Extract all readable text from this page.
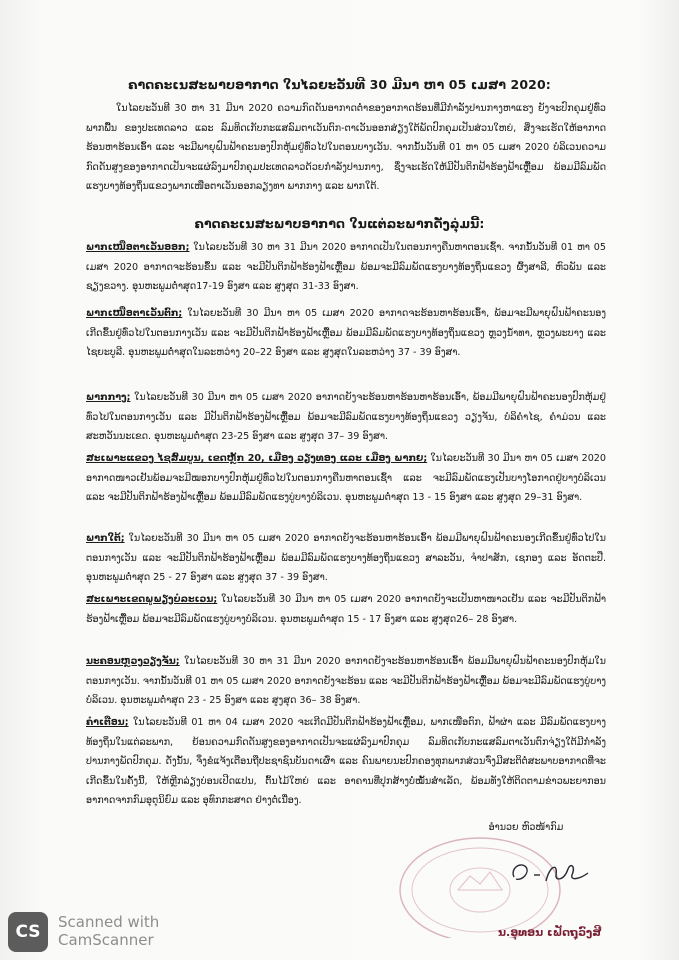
ຄາດຄະເນສະພາບອາກາດ ໃນໄລຍະວັນທີ 30 ມີນາ ຫາ 05 ເມສາ 2020:
ໃນໄລຍະວັນທີ 30 ຫາ 31 ມີນາ 2020 ຄວາມກົດດັນອາກາດຕ່ຳຂອງອາກາດຮ້ອນທີ່ມີກຳລັງປານກາງຫາແຮງ ຍັງຈະປົກຄຸມຢູ່ທົ່ວພາກພື້ນ ຂອງປະເທດລາວ ແລະ ລົມທິດເກັບກະແສລົມຕາເວັນຕົກ-ຕາເວັນອອກສ່ຽງໃຕ້ພັດປົກຄຸມເປັນສ່ວນໃຫຍ່, ສິ່ງຈະເຮັດໃຫ້ອາກາດຮ້ອນຫາຮ້ອນເອົ້າ ແລະ ຈະມີພາຍຸຝົນຟ້າຄະນອງປົກຫຸ້ມຢູ່ທົ່ວໄປໃນຕອນບາງເວັນ. ຈາກນັ້ນວັນທີ 01 ຫາ 05 ເມສາ 2020 ບໍລິເວນຄວາມກົດດັນສູງຂອງອາກາດເປັນຈະແຜ່ລົງມາປົກຄຸມປະເທດລາວດ້ວຍກຳລັງປານກາງ, ຊຶ່ງຈະເຮັດໃຫ້ມີປັນຕິກຟ້າຮ້ອງຟ້າເຫຼື້ອມ ພ້ອມມີລົມພັດແຮງບາງທ້ອງຖິ່ນແຂວງພາກເໜືອຕາເວັນອອກລຽງທາ ພາກກາງ ແລະ ພາກໃຕ້.
ຄາດຄະເນສະພາບອາກາດ ໃນແຕ່ລະພາກດັ່ງລຸ່ມນີ້:
ພາກເໜືອຕາເວັນອອກ; ໃນໄລຍະວັນທີ 30 ຫາ 31 ມີນາ 2020 ອາກາດເປັນໃນຕອນກາງຄືນຫາຕອນເຊົ້າ. ຈາກນັ້ນວັນທີ 01 ຫາ 05 ເມສາ 2020 ອາກາດຈະຮ້ອນຂຶ້ນ ແລະ ຈະມີປັນຕິກຟ້າຮ້ອງຟ້າເຫຼື້ອມ ພ້ອມຈະມີລົມພັດແຮງບາງທ້ອງຖິ່ນແຂວງ ຜົ້ງສາລີ, ຫົວພັນ ແລະ ຊຽງຂວາງ. ອຸນຫະພູມຕ່ຳສຸດ17-19 ອົງສາ ແລະ ສູງສຸດ 31-33 ອົງສາ.
ພາກເໜືອຕາເວັນຕົກ; ໃນໄລຍະວັນທີ 30 ມີນາ ຫາ 05 ເມສາ 2020 ອາກາດຈະຮ້ອນຫາຮ້ອນເອົ້າ, ພ້ອມຈະມີພາຍຸຝົນຟ້າຄະນອງເກີດຂຶ້ນຢູ່ທົ່ວໄປໃນຕອນກາງເວັນ ແລະ ຈະມີປັນຕິກຟ້າຮ້ອງຟ້າເຫຼື້ອມ ພ້ອມມີລົມພັດແຮງບາງທ້ອງຖິ່ນແຂວງ ຫຼວງນ້ຳທາ, ຫຼວງພະບາງ ແລະ ໄຊຍະບູລີ. ອຸນຫະພູມຕ່ຳສຸດໃນລະຫວ່າງ 20–22 ອົງສາ ແລະ ສູງສຸດໃນລະຫວ່າງ 37 - 39 ອົງສາ.
ພາກກາງ; ໃນໄລຍະວັນທີ 30 ມີນາ ຫາ 05 ເມສາ 2020 ອາກາດຍັງຈະຮ້ອນຫາຮ້ອນຫາຮ້ອນເອົ້າ, ພ້ອມມີພາຍຸຝົນຟ້າຄະນອງປົກຫຸ້ມຢູ່ທົ່ວໄປໃນຕອນກາງເວັນ ແລະ ມີປັນຕິກຟ້າຮ້ອງຟ້າເຫຼື້ອມ ພ້ອມຈະມີລົມພັດແຮງບາງທ້ອງຖິ່ນແຂວງ ວຽງຈັນ, ບໍລິຄຳໄຊ, ຄຳມ່ວນ ແລະ ສະຫວັນນະເຂດ. ອຸນຫະພູມຕ່ຳສຸດ 23-25 ອົງສາ ແລະ ສູງສຸດ 37– 39 ອົງສາ.
ສະເພາະແຂວງ ໄຊສົມບູນ, ເຂດຫຼັກ 20, ເມືອງ ວຽງທອງ ແລະ ເມືອງ ພາກຍ; ໃນໄລຍະວັນທີ 30 ມີນາ ຫາ 05 ເມສາ 2020 ອາກາດໜາວເຢັນພ້ອມຈະມີໝອກບາງປົກຫຸ້ມຢູ່ທົ່ວໄປໃນຕອນກາງຄືນຫາຕອນເຊົ້າ ແລະ ຈະມີລົມພັດແຮງເປັນບາງໂອກາດຢູ່ບາງບໍລິເວນ ແລະ ຈະມີປັນຕິກຟ້າຮ້ອງຟ້າເຫຼື້ອມ ພ້ອມມີລົມພັດແຮງບູ່ບາງບໍລິເວນ. ອຸນຫະພູມຕ່ຳສຸດ 13 - 15 ອົງສາ ແລະ ສູງສຸດ 29–31 ອົງສາ.
ພາກໃຕ້; ໃນໄລຍະວັນທີ 30 ມີນາ ຫາ 05 ເມສາ 2020 ອາກາດຍັງຈະຮ້ອນຫາຮ້ອນເອົ້າ ພ້ອມມີພາຍຸຝົນຟ້າຄະນອງເກີດຂຶ້ນຢູ່ທົ່ວໄປໃນຕອນກາງເວັນ ແລະ ຈະມີປັນຕິກຟ້າຮ້ອງຟ້າເຫຼື້ອມ ພ້ອມມີລົມພັດແຮງບາງທ້ອງຖິ່ນແຂວງ ສາລະວັນ, ຈຳປາສັກ, ເຊກອງ ແລະ ອັດຕະປື. ອຸນຫະພູມຕ່ຳສຸດ 25 - 27 ອົງສາ ແລະ ສູງສຸດ 37 - 39 ອົງສາ.
ສະເພາະເຂດພູພຽງບໍລະເວນ; ໃນໄລຍະວັນທີ 30 ມີນາ ຫາ 05 ເມສາ 2020 ອາກາດຍັງຈະເປັນຫາໜາວເຢັນ ແລະ ຈະມີປັນຕິກຟ້າຮ້ອງຟ້າເຫຼື້ອມ ພ້ອມຈະມີລົມພັດແຮງບູ່ບາງບໍລິເວນ. ອຸນຫະພູມຕ່ຳສຸດ 15 - 17 ອົງສາ ແລະ ສູງສຸດ26– 28 ອົງສາ.
ນະຄອນຫຼວງວຽງຈັນ; ໃນໄລຍະວັນທີ 30 ຫາ 31 ມີນາ 2020 ອາກາດຍັງຈະຮ້ອນຫາຮ້ອນເອົ້າ ພ້ອມມີພາຍຸຝົນຟ້າຄະນອງປົກຫຸ້ມໃນຕອນກາງເວັນ. ຈາກນັ້ນວັນທີ 01 ຫາ 05 ເມສາ 2020 ອາກາດຍັງຈະຮ້ອນ ແລະ ຈະມີປັນຕິກຟ້າຮ້ອງຟ້າເຫຼື້ອມ ພ້ອມຈະມີລົມພັດແຮງບູ່ບາງບໍລິເວນ. ອຸນຫະພູມຕ່ຳສຸດ 23 - 25 ອົງສາ ແລະ ສູງສຸດ 36– 38 ອົງສາ.
ຄຳເຕືອນ; ໃນໄລຍະວັນທີ 01 ຫາ 04 ເມສາ 2020 ຈະເກີດມີປັນຕິກຟ້າຮ້ອງຟ້າເຫຼື້ອມ, ພາກເໜືອຕົກ, ຟ້າຜ່າ ແລະ ມີລົມພັດແຮງບາງທ້ອງຖິ່ນໃນແຕ່ລະພາກ, ຍ້ອນຄວາມກົດດັນສູງຂອງອາກາດເປັນຈະແຜ່ລົງມາປົກຄຸມ ລົມທິດເກັບກະແສລົມຕາເວັນຕົກຈ່ຽງໃຕ້ມີກຳລັງປານກາງພັດປົກຄຸມ. ດັ່ງນັ້ນ, ຈຶ່ງຂໍແຈ້ງເຕືອນຖືປະຊາຊົນບັນດາເຜົ່າ ແລະ ຄົນພາຍນະປົກຄອງທຸກພາກສ່ວນຈົ່ງມີສະຕິຕໍ່ສະພາບອາກາດທີ່ຈະເກີດຂຶ້ນໃນຄັ້ງນີ້, ໃຫ້ຫຼີກລ່ຽງບ່ອນເປີດແປນ, ຕົ້ນໄມ້ໃຫຍ່ ແລະ ອາຄານທີ່ປຸກສ້າງບໍ່ໝັ້ນສຳເລັດ, ພ້ອມທັງໃຫ້ຕິດຕາມຂ່າວພະຍາກອນອາກາດຈາກກົມອຸຕຸນິຍົມ ແລະ ອຸທົກກະສາດ ຢ່າງຕໍ່ເນື່ອງ.
ອຳນວຍ ຫົວໜ້າກົມ
ນ.ອຸທອນ ເຟັດຖຸວົງສີ
CS	Scanned with
CamScanner
